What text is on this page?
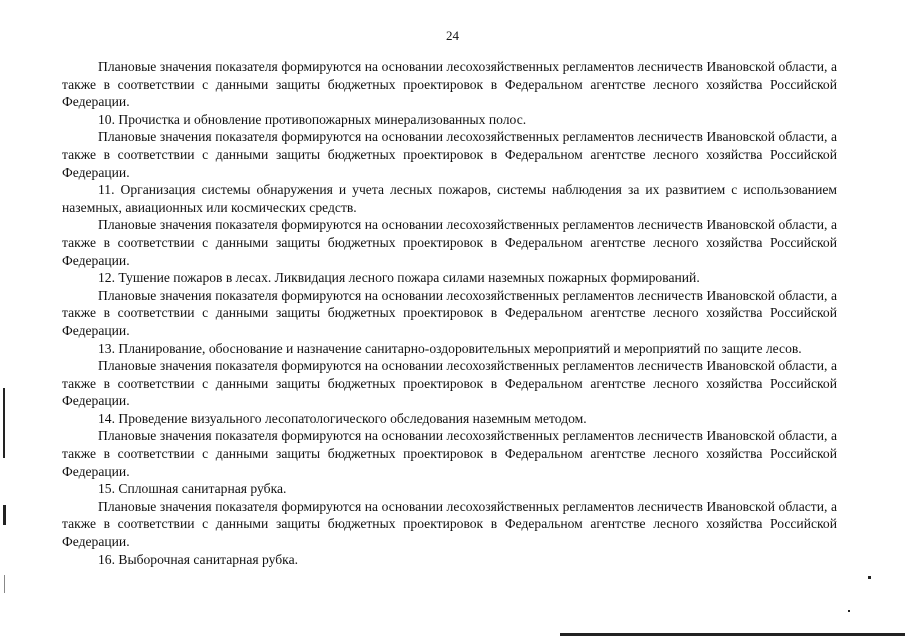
24

Плановые значения показателя формируются на основании лесохозяйственных регламентов лесничеств Ивановской области, а также в соответствии с данными защиты бюджетных проектировок в Федеральном агентстве лесного хозяйства Российской Федерации.

10. Прочистка и обновление противопожарных минерализованных полос.

Плановые значения показателя формируются на основании лесохозяйственных регламентов лесничеств Ивановской области, а также в соответствии с данными защиты бюджетных проектировок в Федеральном агентстве лесного хозяйства Российской Федерации.

11. Организация системы обнаружения и учета лесных пожаров, системы наблюдения за их развитием с использованием наземных, авиационных или космических средств.

Плановые значения показателя формируются на основании лесохозяйственных регламентов лесничеств Ивановской области, а также в соответствии с данными защиты бюджетных проектировок в Федеральном агентстве лесного хозяйства Российской Федерации.

12. Тушение пожаров в лесах. Ликвидация лесного пожара силами наземных пожарных формирований.

Плановые значения показателя формируются на основании лесохозяйственных регламентов лесничеств Ивановской области, а также в соответствии с данными защиты бюджетных проектировок в Федеральном агентстве лесного хозяйства Российской Федерации.

13. Планирование, обоснование и назначение санитарно-оздоровительных мероприятий и мероприятий по защите лесов.

Плановые значения показателя формируются на основании лесохозяйственных регламентов лесничеств Ивановской области, а также в соответствии с данными защиты бюджетных проектировок в Федеральном агентстве лесного хозяйства Российской Федерации.

14. Проведение визуального лесопатологического обследования наземным методом.

Плановые значения показателя формируются на основании лесохозяйственных регламентов лесничеств Ивановской области, а также в соответствии с данными защиты бюджетных проектировок в Федеральном агентстве лесного хозяйства Российской Федерации.

15. Сплошная санитарная рубка.

Плановые значения показателя формируются на основании лесохозяйственных регламентов лесничеств Ивановской области, а также в соответствии с данными защиты бюджетных проектировок в Федеральном агентстве лесного хозяйства Российской Федерации.

16. Выборочная санитарная рубка.
